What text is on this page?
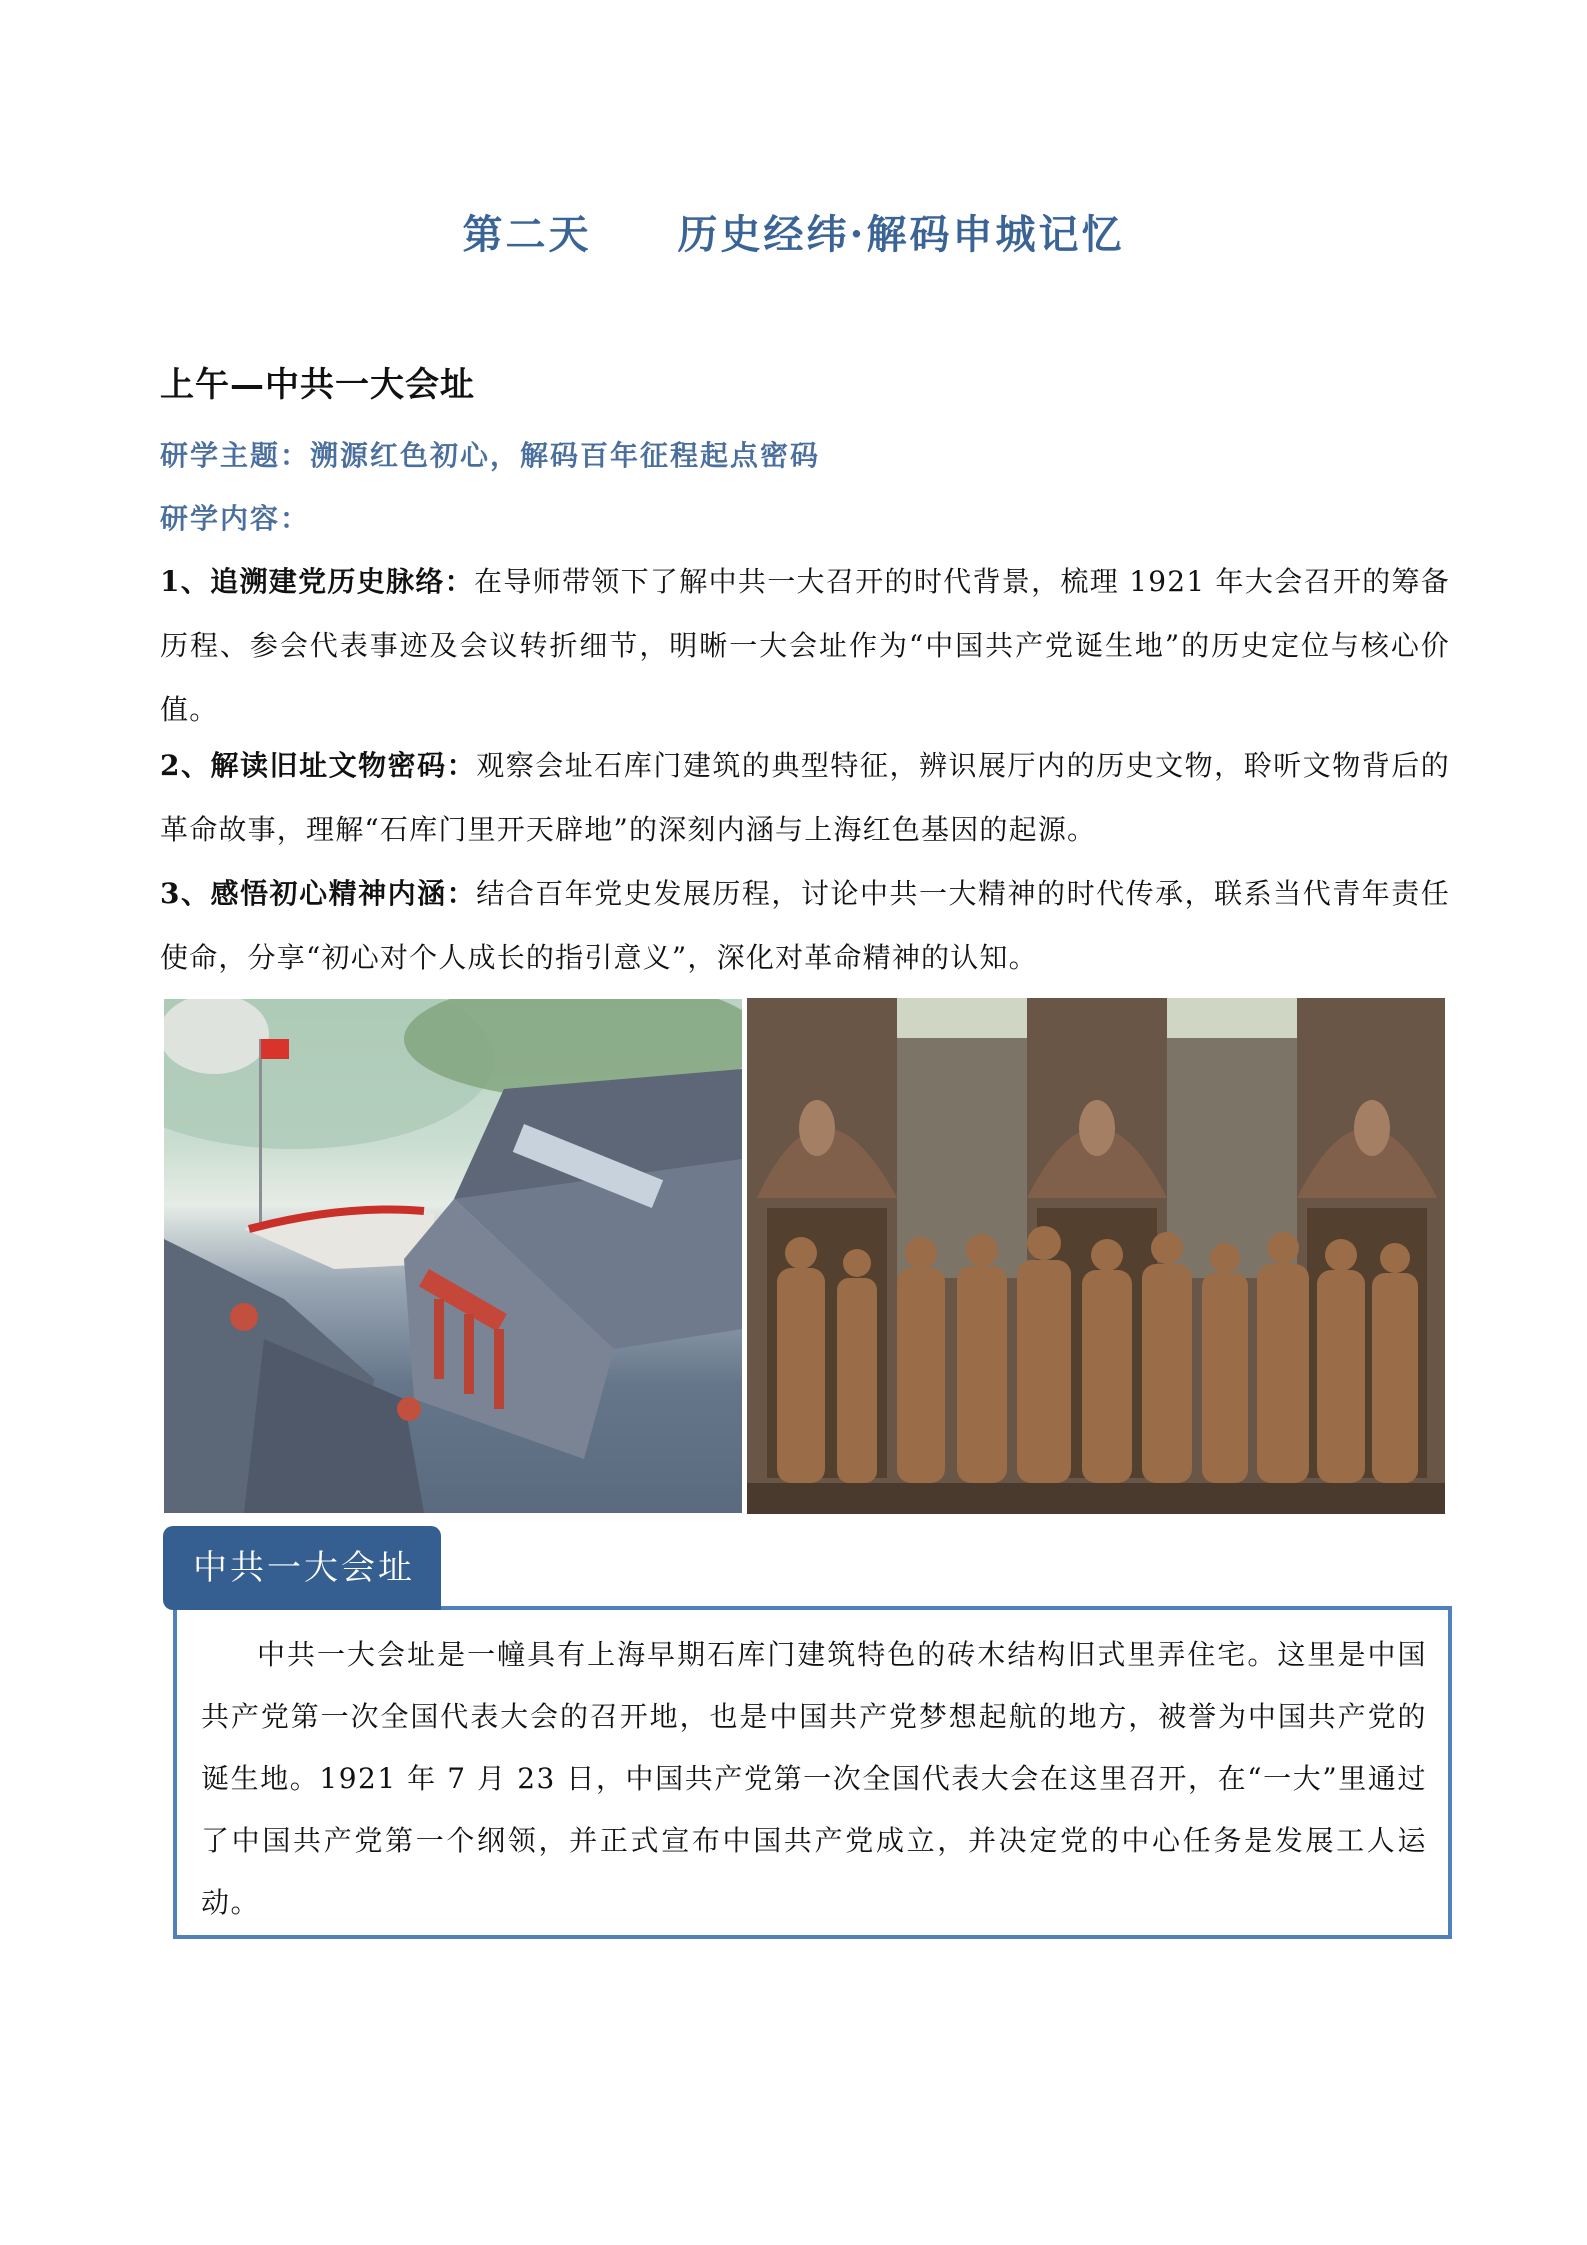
第二天　　历史经纬·解码申城记忆
上午—中共一大会址
研学主题：溯源红色初心，解码百年征程起点密码
研学内容：
1、追溯建党历史脉络：在导师带领下了解中共一大召开的时代背景，梳理 1921 年大会召开的筹备历程、参会代表事迹及会议转折细节，明晰一大会址作为“中国共产党诞生地”的历史定位与核心价值。
2、解读旧址文物密码：观察会址石库门建筑的典型特征，辨识展厅内的历史文物，聆听文物背后的革命故事，理解“石库门里开天辟地”的深刻内涵与上海红色基因的起源。
3、感悟初心精神内涵：结合百年党史发展历程，讨论中共一大精神的时代传承，联系当代青年责任使命，分享“初心对个人成长的指引意义”，深化对革命精神的认知。
中共一大会址是一幢具有上海早期石库门建筑特色的砖木结构旧式里弄住宅。这里是中国共产党第一次全国代表大会的召开地，也是中国共产党梦想起航的地方，被誉为中国共产党的诞生地。1921 年 7 月 23 日，中国共产党第一次全国代表大会在这里召开，在“一大”里通过了中国共产党第一个纲领，并正式宣布中国共产党成立，并决定党的中心任务是发展工人运动。
中共一大会址
